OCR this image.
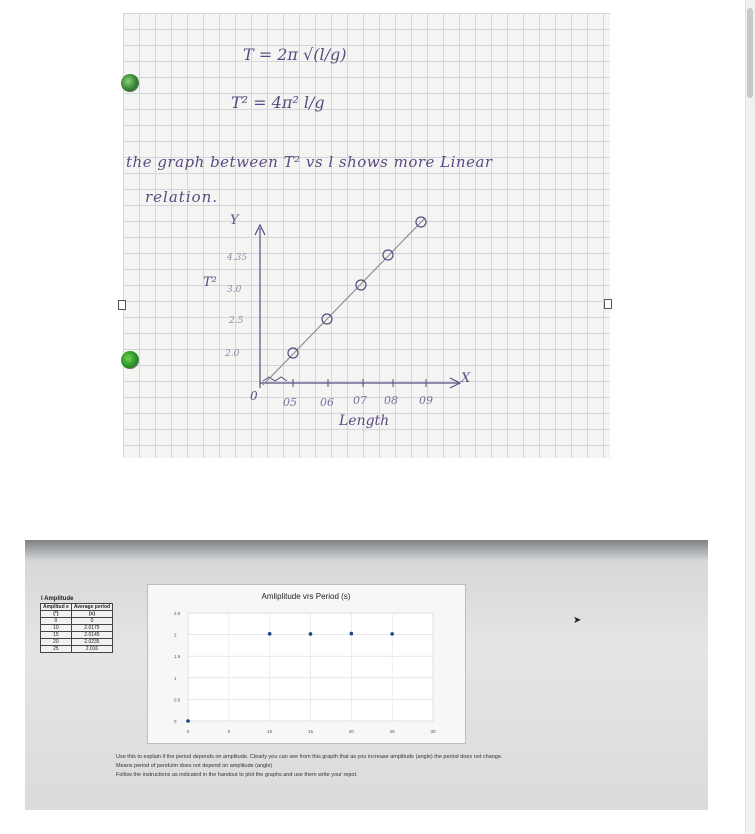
T = 2π √(l/g)
T² = 4π² l/g
the graph between T² vs l shows more Linear
relation.
Y
T²
4.35
3.0
2.5
2.0
0 05 06 07 08 09
X
Length
l Amplitude
Amplitud e	Average period
(°)	(s)
0	0
10	2.0175
15	2.0145
20	2.0235
25	2.016
Amliplitude vrs Period (s)
0
0.5
1
1.5
2
2.5
0	5	10	15	20	25	30
Use this to explain if the period depends on amplitude. Clearly you can see from this grapth that as you increase amplitude (angle) the period does not change.
Means period of pendulm does not depend on amplitude (angle)
Follow the instructions as indicated in the handout to plot the graphs and use them write your repot.
➤
